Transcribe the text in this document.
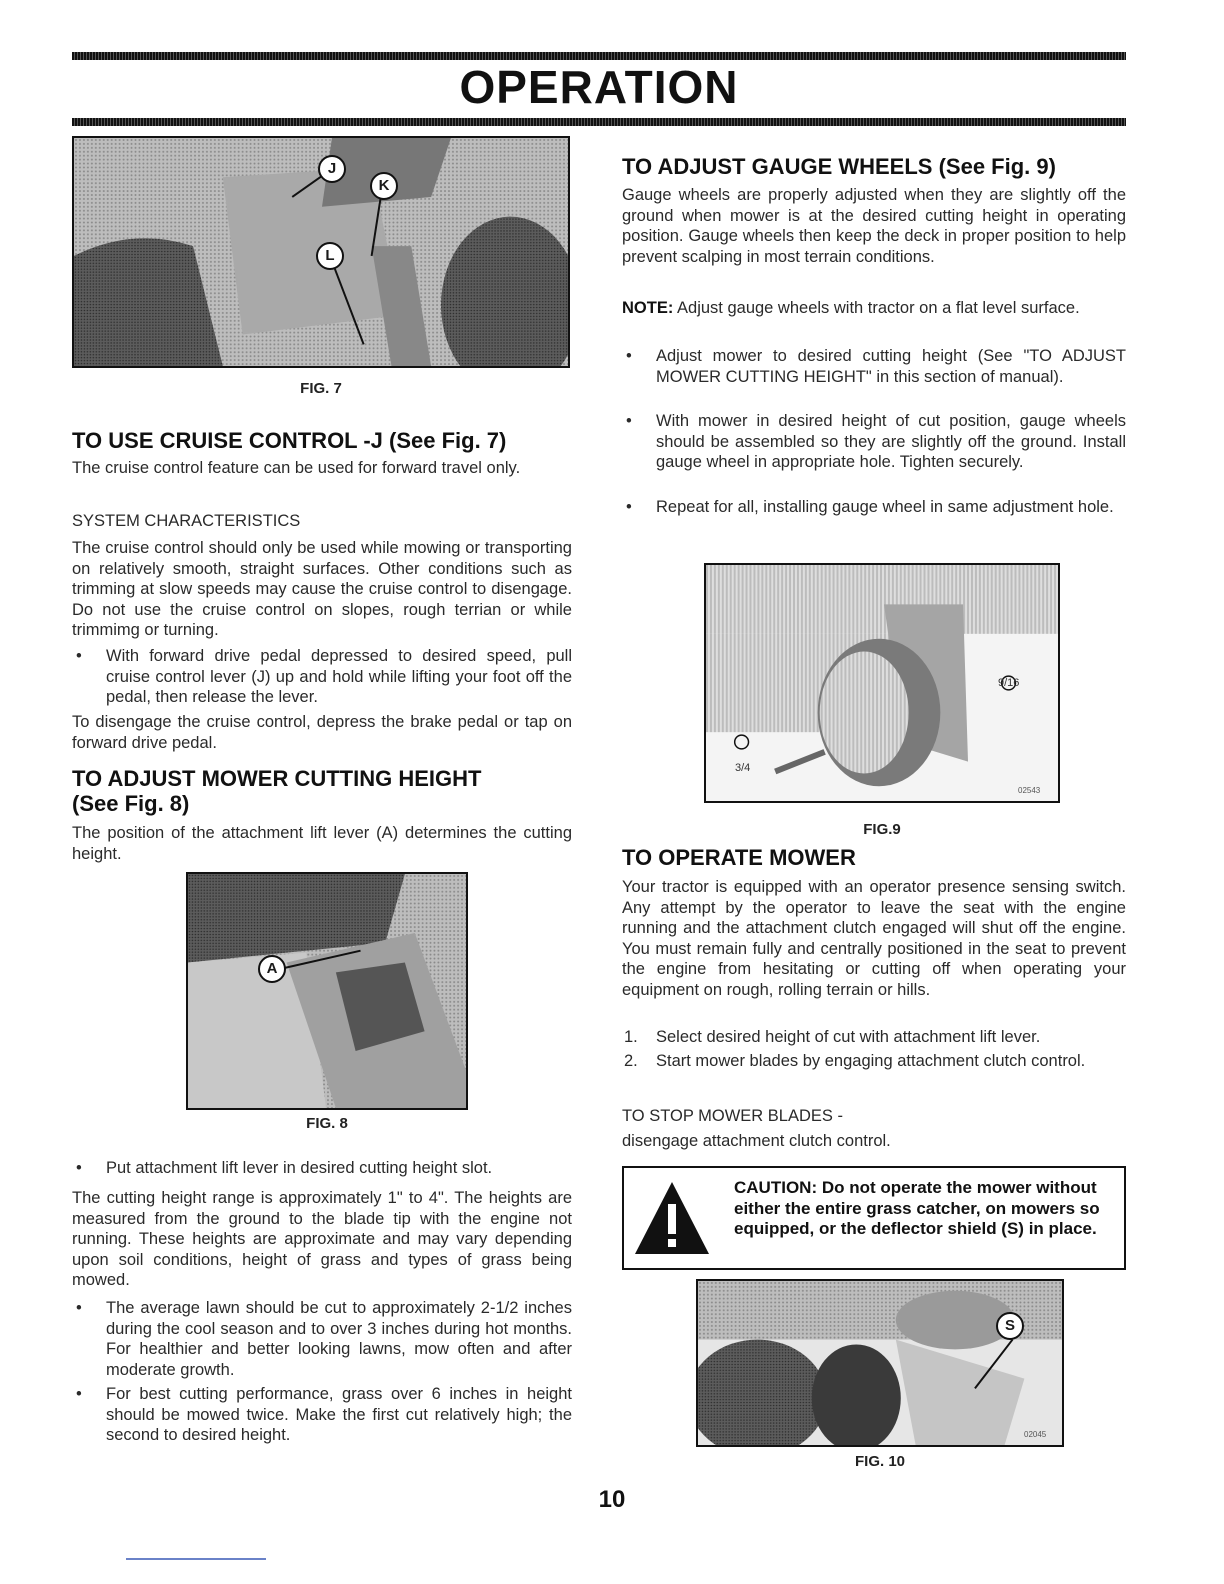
OPERATION
J
K
L
FIG. 7
TO USE CRUISE CONTROL -J (See Fig. 7)
The cruise control feature can be used for forward travel only.
SYSTEM CHARACTERISTICS
The cruise control should only be used while mowing or transporting on relatively smooth, straight surfaces. Other conditions such as trimming at slow speeds may cause the cruise control to disengage. Do not use the cruise control on slopes, rough terrian or while trimmimg or turning.
• With forward drive pedal depressed to desired speed, pull cruise control lever (J) up and hold while lifting your foot off the pedal, then release the lever.
To disengage the cruise control, depress the brake pedal or tap on forward drive pedal.
TO ADJUST MOWER CUTTING HEIGHT
(See Fig. 8)
The position of the attachment lift lever (A) determines the cutting height.
A
FIG. 8
• Put attachment lift lever in desired cutting height slot.
The cutting height range is approximately 1" to 4". The heights are measured from the ground to the blade tip with the engine not running. These heights are approximate and may vary depending upon soil conditions, height of grass and types of grass being mowed.
• The average lawn should be cut to approximately 2-1/2 inches during the cool season and to over 3 inches during hot months. For healthier and better looking lawns, mow often and after moderate growth.
• For best cutting performance, grass over 6 inches in height should be mowed twice. Make the first cut relatively high; the second to desired height.
TO ADJUST GAUGE WHEELS (See Fig. 9)
Gauge wheels are properly adjusted when they are slightly off the ground when mower is at the desired cutting height in operating position. Gauge wheels then keep the deck in proper position to help prevent scalping in most terrain conditions.
NOTE: Adjust gauge wheels with tractor on a flat level surface.
• Adjust mower to desired cutting height (See "TO ADJUST MOWER CUTTING HEIGHT" in this section of manual).
• With mower in desired height of cut position, gauge wheels should be assembled so they are slightly off the ground. Install gauge wheel in appropriate hole. Tighten securely.
• Repeat for all, installing gauge wheel in same adjustment hole.
9/16
3/4
02543
FIG.9
TO OPERATE MOWER
Your tractor is equipped with an operator presence sensing switch. Any attempt by the operator to leave the seat with the engine running and the attachment clutch engaged will shut off the engine. You must remain fully and centrally positioned in the seat to prevent the engine from hesitating or cutting off when operating your equipment on rough, rolling terrain or hills.
1. Select desired height of cut with attachment lift lever.
2. Start mower blades by engaging attachment clutch control.
TO STOP MOWER BLADES -
disengage attachment clutch control.
CAUTION: Do not operate the mower without either the entire grass catcher, on mowers so equipped, or the deflector shield (S) in place.
S
02045
FIG. 10
10
